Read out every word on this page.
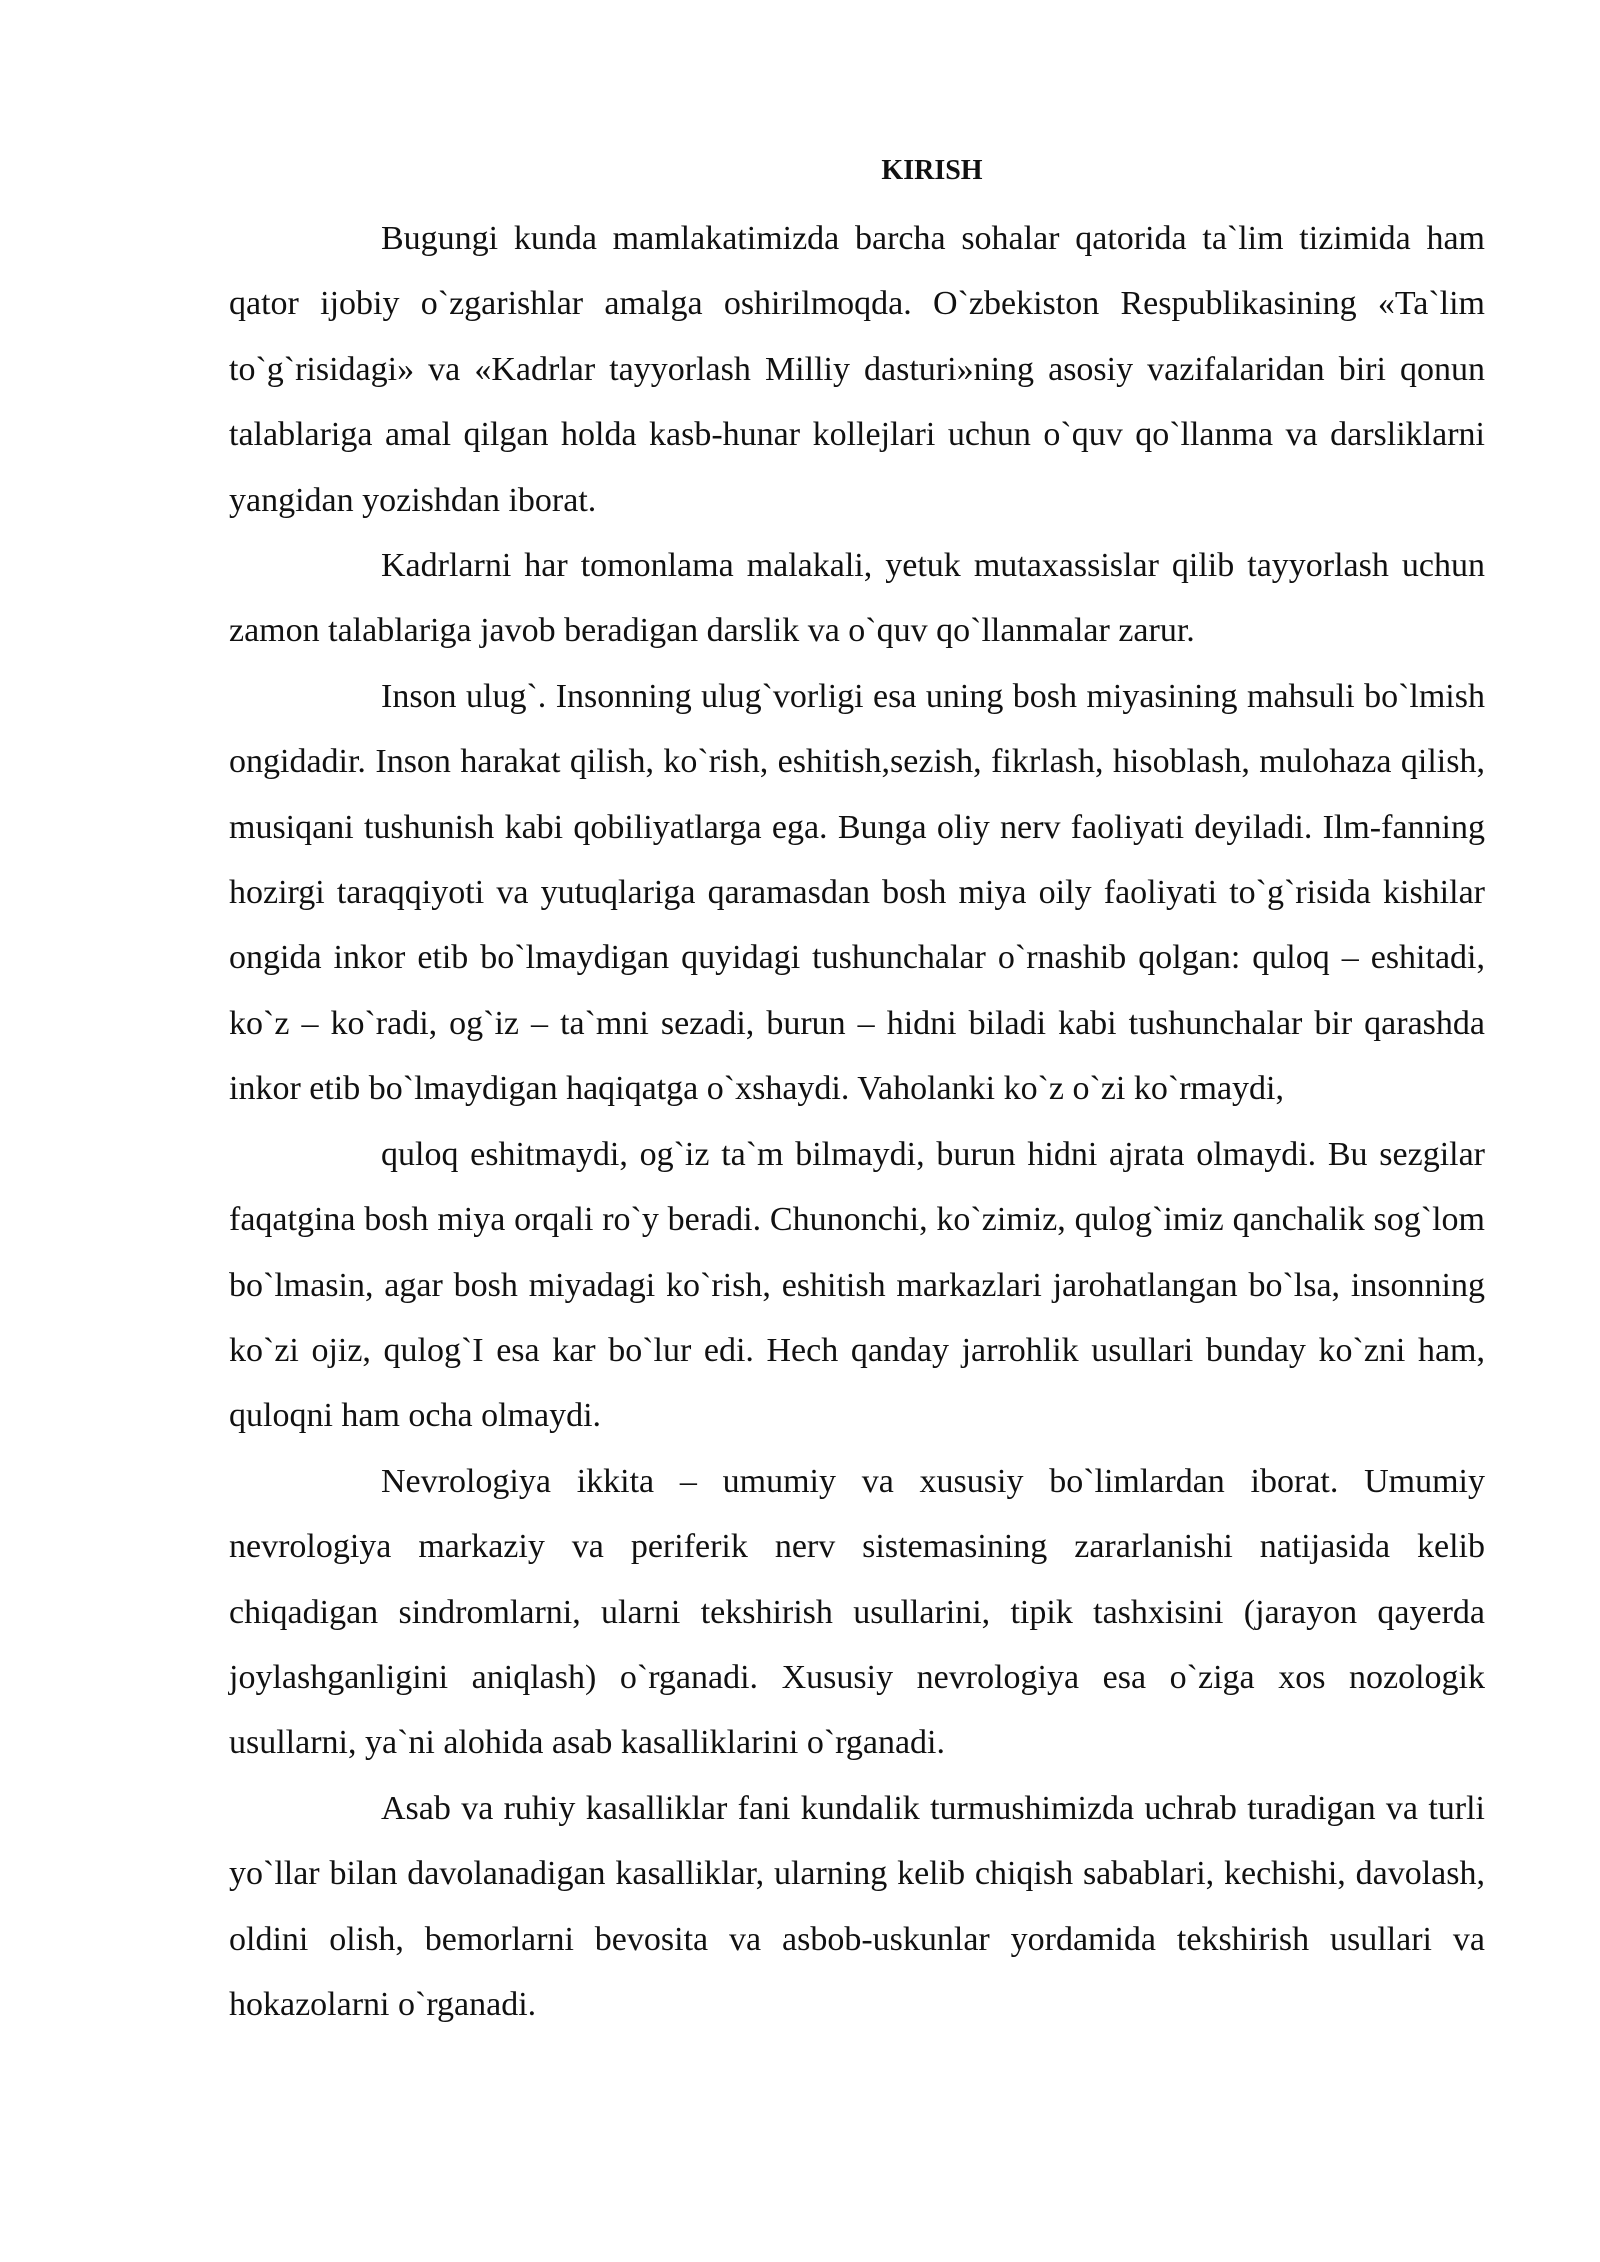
KIRISH

Bugungi kunda mamlakatimizda barcha sohalar qatorida ta`lim tizimida ham qator ijobiy o`zgarishlar amalga oshirilmoqda. O`zbekiston Respublikasining «Ta`lim to`g`risidagi» va «Kadrlar tayyorlash Milliy dasturi»ning asosiy vazifalaridan biri qonun talablariga amal qilgan holda kasb-hunar kollejlari uchun o`quv qo`llanma va darsliklarni yangidan yozishdan iborat.

Kadrlarni har tomonlama malakali, yetuk mutaxassislar qilib tayyorlash uchun zamon talablariga javob beradigan darslik va o`quv qo`llanmalar zarur.

Inson ulug`. Insonning ulug`vorligi esa uning bosh miyasining mahsuli bo`lmish ongidadir. Inson harakat qilish, ko`rish, eshitish,sezish, fikrlash, hisoblash, mulohaza qilish, musiqani tushunish kabi qobiliyatlarga ega. Bunga oliy nerv faoliyati deyiladi. Ilm-fanning hozirgi taraqqiyoti va yutuqlariga qaramasdan bosh miya oily faoliyati to`g`risida kishilar ongida inkor etib bo`lmaydigan quyidagi tushunchalar o`rnashib qolgan: quloq – eshitadi, ko`z – ko`radi, og`iz – ta`mni sezadi, burun – hidni biladi kabi tushunchalar bir qarashda inkor etib bo`lmaydigan haqiqatga o`xshaydi. Vaholanki ko`z o`zi ko`rmaydi,

quloq eshitmaydi, og`iz ta`m bilmaydi, burun hidni ajrata olmaydi. Bu sezgilar faqatgina bosh miya orqali ro`y beradi. Chunonchi, ko`zimiz, qulog`imiz qanchalik sog`lom bo`lmasin, agar bosh miyadagi ko`rish, eshitish markazlari jarohatlangan bo`lsa, insonning ko`zi ojiz, qulog`I esa kar bo`lur edi. Hech qanday jarrohlik usullari bunday ko`zni ham, quloqni ham ocha olmaydi.

Nevrologiya ikkita – umumiy va xususiy bo`limlardan iborat. Umumiy nevrologiya markaziy va periferik nerv sistemasining zararlanishi natijasida kelib chiqadigan sindromlarni, ularni tekshirish usullarini, tipik tashxisini (jarayon qayerda joylashganligini aniqlash) o`rganadi. Xususiy nevrologiya esa o`ziga xos nozologik usullarni, ya`ni alohida asab kasalliklarini o`rganadi.

Asab va ruhiy kasalliklar fani kundalik turmushimizda uchrab turadigan va turli yo`llar bilan davolanadigan kasalliklar, ularning kelib chiqish sabablari, kechishi, davolash, oldini olish, bemorlarni bevosita va asbob-uskunlar yordamida tekshirish usullari va hokazolarni o`rganadi.
